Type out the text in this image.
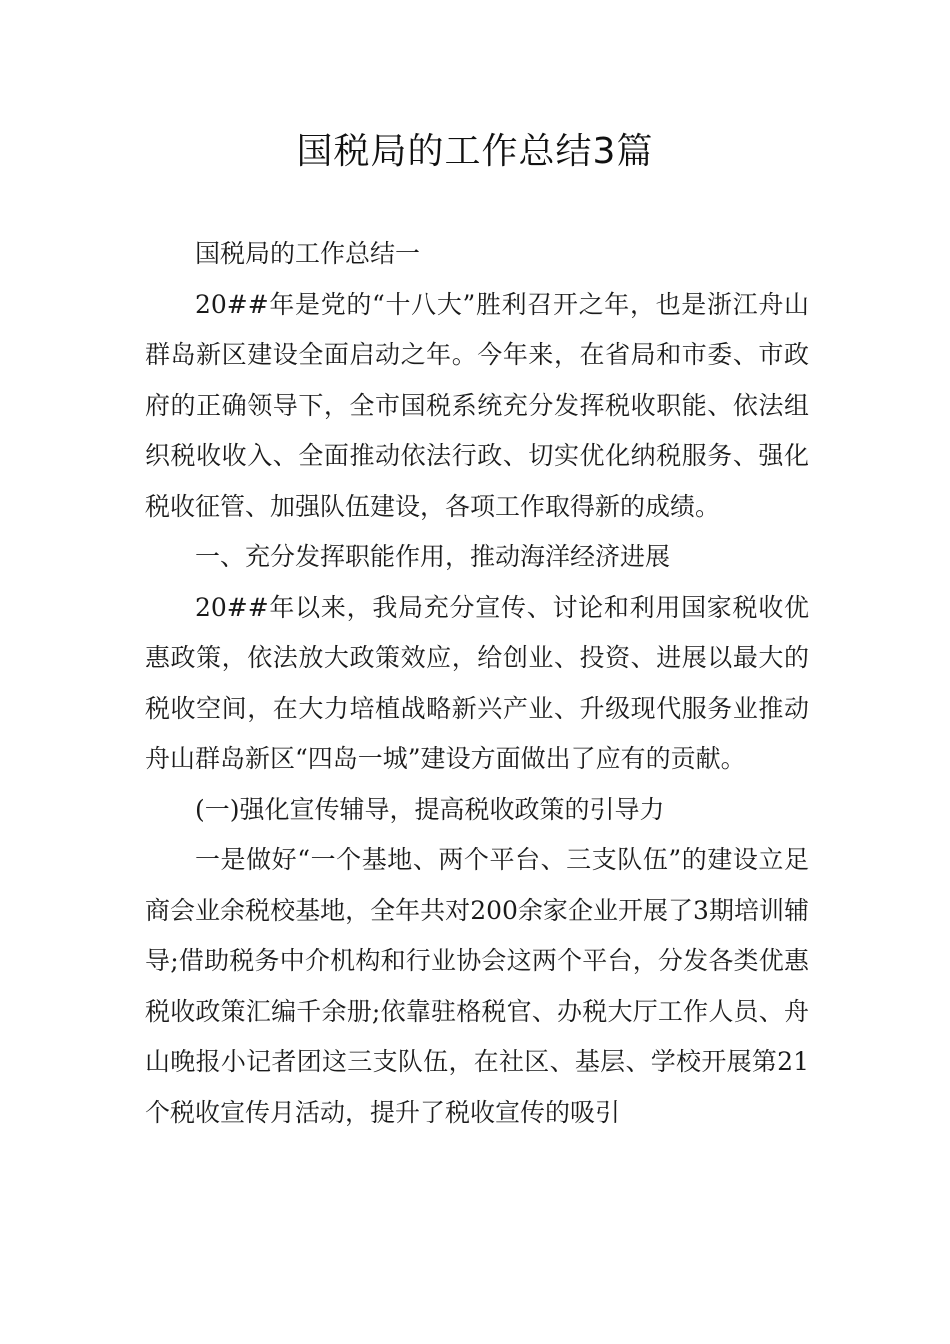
国税局的工作总结3篇

国税局的工作总结一

20##年是党的“十八大”胜利召开之年，也是浙江舟山群岛新区建设全面启动之年。今年来，在省局和市委、市政府的正确领导下，全市国税系统充分发挥税收职能、依法组织税收收入、全面推动依法行政、切实优化纳税服务、强化税收征管、加强队伍建设，各项工作取得新的成绩。

一、充分发挥职能作用，推动海洋经济进展

20##年以来，我局充分宣传、讨论和利用国家税收优惠政策，依法放大政策效应，给创业、投资、进展以最大的税收空间，在大力培植战略新兴产业、升级现代服务业推动舟山群岛新区“四岛一城”建设方面做出了应有的贡献。

(一)强化宣传辅导，提高税收政策的引导力

一是做好“一个基地、两个平台、三支队伍”的建设立足商会业余税校基地，全年共对200余家企业开展了3期培训辅导;借助税务中介机构和行业协会这两个平台，分发各类优惠税收政策汇编千余册;依靠驻格税官、办税大厅工作人员、舟山晚报小记者团这三支队伍，在社区、基层、学校开展第21个税收宣传月活动，提升了税收宣传的吸引
